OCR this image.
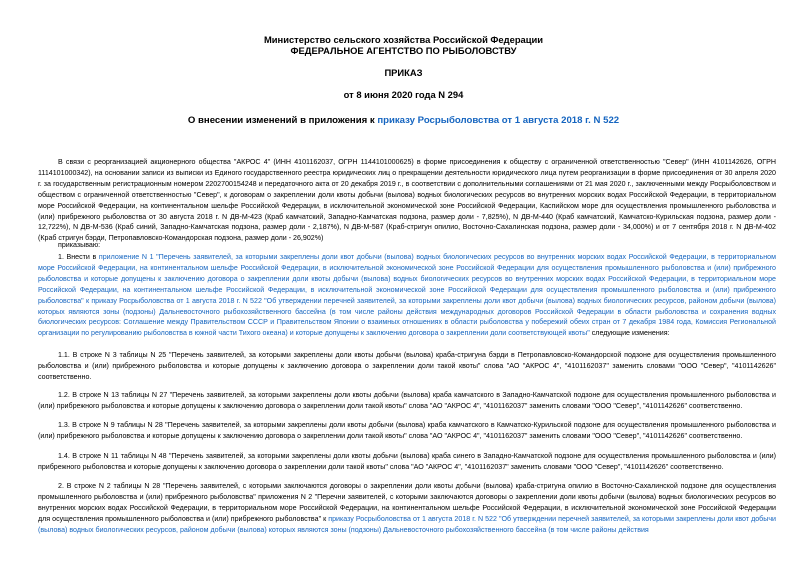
Министерство сельского хозяйства Российской Федерации
ФЕДЕРАЛЬНОЕ АГЕНТСТВО ПО РЫБОЛОВСТВУ
ПРИКАЗ
от 8 июня 2020 года N 294
О внесении изменений в приложения к приказу Росрыболовства от 1 августа 2018 г. N 522
В связи с реорганизацией акционерного общества "АКРОС 4" (ИНН 4101162037, ОГРН 1144101000625) в форме присоединения к обществу с ограниченной ответственностью "Север" (ИНН 4101142626, ОГРН 1114101000342), на основании записи из выписки из Единого государственного реестра юридических лиц о прекращении деятельности юридического лица путем реорганизации в форме присоединения от 30 апреля 2020 г. за государственным регистрационным номером 2202700154248 и передаточного акта от 20 декабря 2019 г., в соответствии с дополнительными соглашениями от 21 мая 2020 г., заключенными между Росрыболовством и обществом с ограниченной ответственностью "Север", к договорам о закреплении доли квоты добычи (вылова) водных биологических ресурсов во внутренних морских водах Российской Федерации, в территориальном море Российской Федерации, на континентальном шельфе Российской Федерации, в исключительной экономической зоне Российской Федерации, Каспийском море для осуществления промышленного рыболовства и (или) прибрежного рыболовства от 30 августа 2018 г. N ДВ-М-423 (Краб камчатский, Западно-Камчатская подзона, размер доли - 7,825%), N ДВ-М-440 (Краб камчатский, Камчатско-Курильская подзона, размер доли - 12,722%), N ДВ-М-536 (Краб синий, Западно-Камчатская подзона, размер доли - 2,187%), N ДВ-М-587 (Краб-стригун опилио, Восточно-Сахалинская подзона, размер доли - 34,000%) и от 7 сентября 2018 г. N ДВ-М-402 (Краб стригун бэрди, Петропавловско-Командорская подзона, размер доли - 26,902%)
приказываю:
1. Внести в приложение N 1 "Перечень заявителей, за которыми закреплены доли квот добычи (вылова) водных биологических ресурсов во внутренних морских водах Российской Федерации, в территориальном море Российской Федерации, на континентальном шельфе Российской Федерации, в исключительной экономической зоне Российской Федерации для осуществления промышленного рыболовства и (или) прибрежного рыболовства и которые допущены к заключению договора о закреплении доли квоты добычи (вылова) водных биологических ресурсов во внутренних морских водах Российской Федерации, в территориальном море Российской Федерации, на континентальном шельфе Российской Федерации, в исключительной экономической зоне Российской Федерации для осуществления промышленного рыболовства и (или) прибрежного рыболовства" к приказу Росрыболовства от 1 августа 2018 г. N 522 "Об утверждении перечней заявителей, за которыми закреплены доли квот добычи (вылова) водных биологических ресурсов, районом добычи (вылова) которых являются зоны (подзоны) Дальневосточного рыбохозяйственного бассейна (в том числе районы действия международных договоров Российской Федерации в области рыболовства и сохранения водных биологических ресурсов: Соглашение между Правительством СССР и Правительством Японии о взаимных отношениях в области рыболовства у побережий обеих стран от 7 декабря 1984 года, Комиссия Региональной организации по регулированию рыболовства в южной части Тихого океана) и которые допущены к заключению договора о закреплении доли соответствующей квоты" следующие изменения:
1.1. В строке N 3 таблицы N 25 "Перечень заявителей, за которыми закреплены доли квоты добычи (вылова) краба-стригуна бэрди в Петропавловско-Командорской подзоне для осуществления промышленного рыболовства и (или) прибрежного рыболовства и которые допущены к заключению договора о закреплении доли такой квоты" слова "АО "АКРОС 4", "4101162037" заменить словами "ООО "Север", "4101142626" соответственно.
1.2. В строке N 13 таблицы N 27 "Перечень заявителей, за которыми закреплены доли квоты добычи (вылова) краба камчатского в Западно-Камчатской подзоне для осуществления промышленного рыболовства и (или) прибрежного рыболовства и которые допущены к заключению договора о закреплении доли такой квоты" слова "АО "АКРОС 4", "4101162037" заменить словами "ООО "Север", "4101142626" соответственно.
1.3. В строке N 9 таблицы N 28 "Перечень заявителей, за которыми закреплены доли квоты добычи (вылова) краба камчатского в Камчатско-Курильской подзоне для осуществления промышленного рыболовства и (или) прибрежного рыболовства и которые допущены к заключению договора о закреплении доли такой квоты" слова "АО "АКРОС 4", "4101162037" заменить словами "ООО "Север", "4101142626" соответственно.
1.4. В строке N 11 таблицы N 48 "Перечень заявителей, за которыми закреплены доли квоты добычи (вылова) краба синего в Западно-Камчатской подзоне для осуществления промышленного рыболовства и (или) прибрежного рыболовства и которые допущены к заключению договора о закреплении доли такой квоты" слова "АО "АКРОС 4", "4101162037" заменить словами "ООО "Север", "4101142626" соответственно.
2. В строке N 2 таблицы N 28 "Перечень заявителей, с которыми заключаются договоры о закреплении доли квоты добычи (вылова) краба-стригуна опилио в Восточно-Сахалинской подзоне для осуществления промышленного рыболовства и (или) прибрежного рыболовства" приложения N 2 "Перечни заявителей, с которыми заключаются договоры о закреплении доли квоты добычи (вылова) водных биологических ресурсов во внутренних морских водах Российской Федерации, в территориальном море Российской Федерации, на континентальном шельфе Российской Федерации, в исключительной экономической зоне Российской Федерации для осуществления промышленного рыболовства и (или) прибрежного рыболовства" к приказу Росрыболовства от 1 августа 2018 г. N 522 "Об утверждении перечней заявителей, за которыми закреплены доли квот добычи (вылова) водных биологических ресурсов, районом добычи (вылова) которых являются зоны (подзоны) Дальневосточного рыбохозяйственного бассейна (в том числе районы действия
